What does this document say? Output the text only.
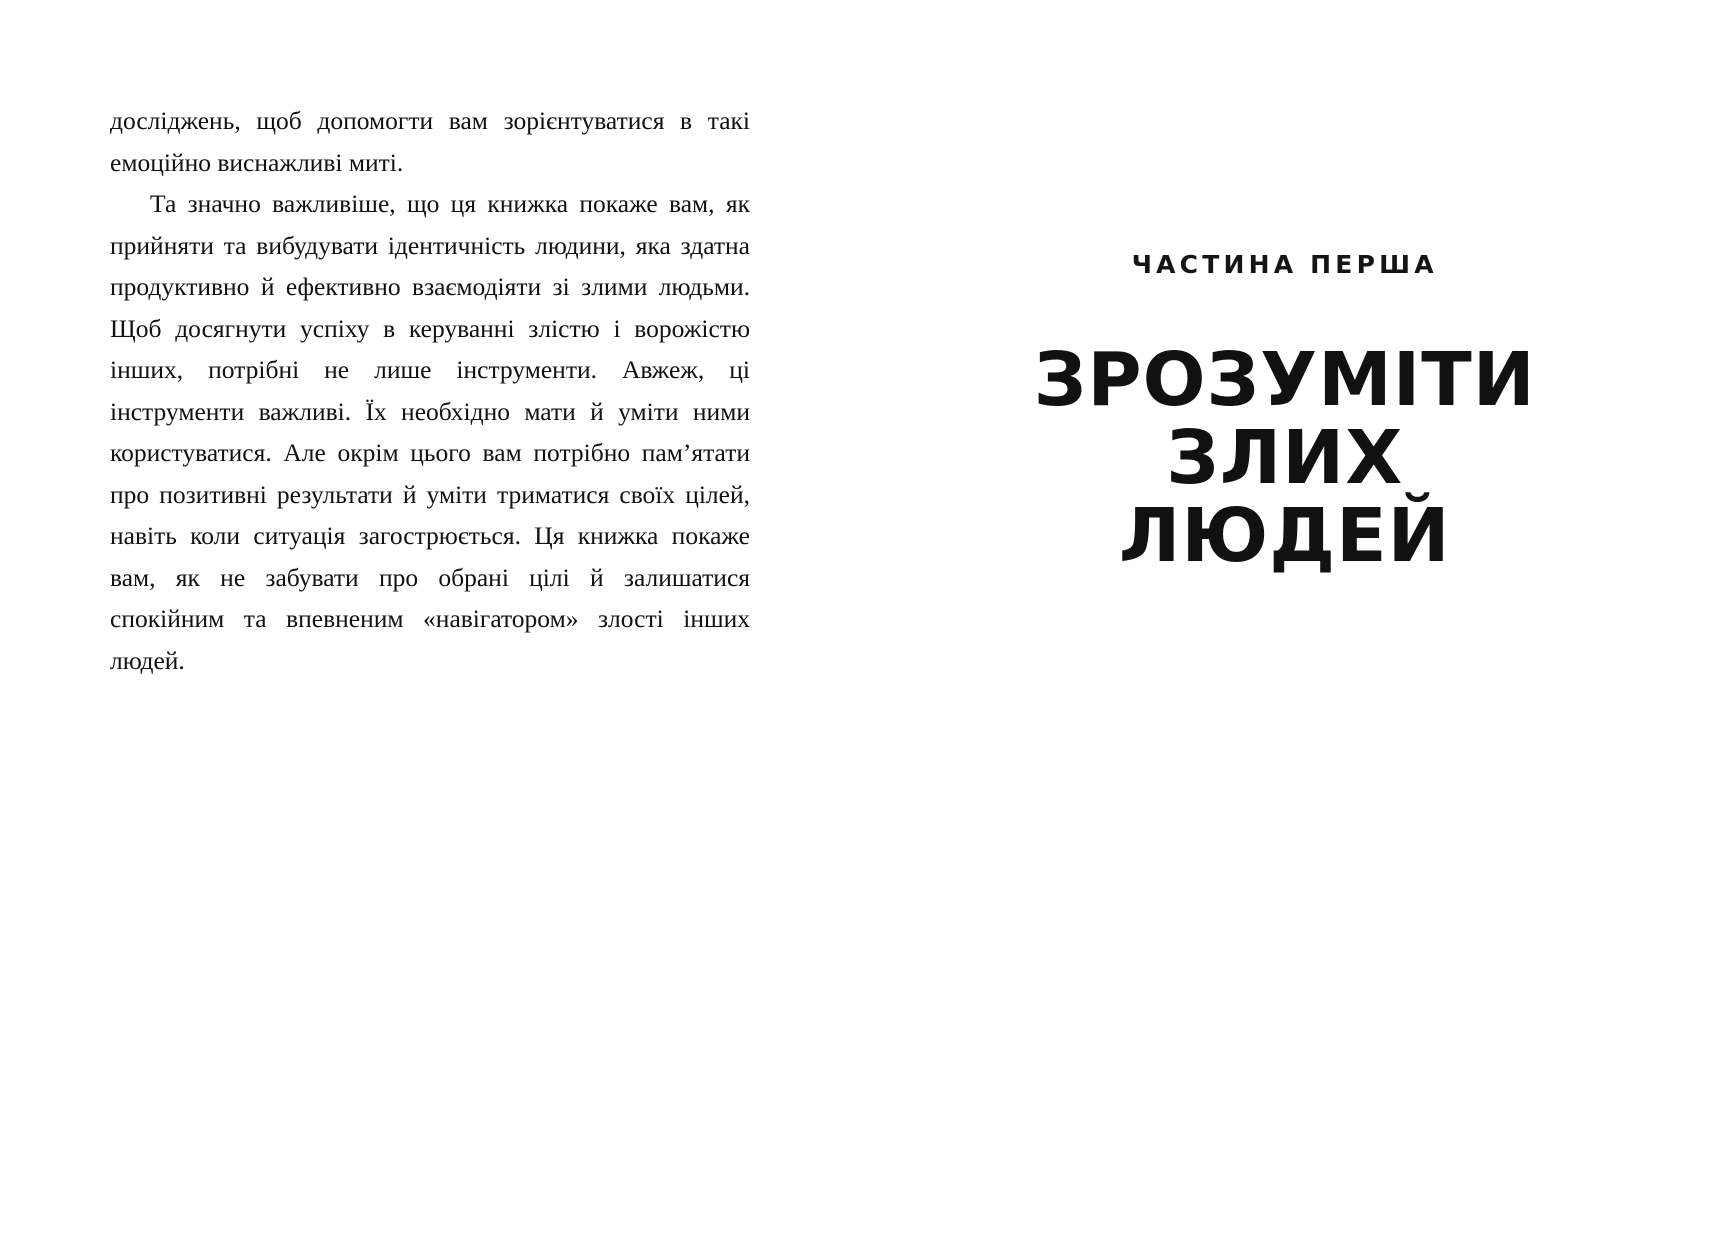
досліджень, щоб допомогти вам зорієнтуватися в такі емоційно виснажливі миті.

Та значно важливіше, що ця книжка покаже вам, як прийняти та вибудувати ідентичність людини, яка здатна продуктивно й ефективно взаємодіяти зі злими людьми. Щоб досягнути успіху в керуванні злістю і ворожістю інших, потрібні не лише інструменти. Авжеж, ці інструменти важливі. Їх необхідно мати й уміти ними користуватися. Але окрім цього вам потрібно пам’ятати про позитивні результати й уміти триматися своїх цілей, навіть коли ситуація загострюється. Ця книжка покаже вам, як не забувати про обрані цілі й залишатися спокійним та впевненим «навігатором» злості інших людей.

ЧАСТИНА ПЕРША
ЗРОЗУМІТИ
ЗЛИХ
ЛЮДЕЙ
